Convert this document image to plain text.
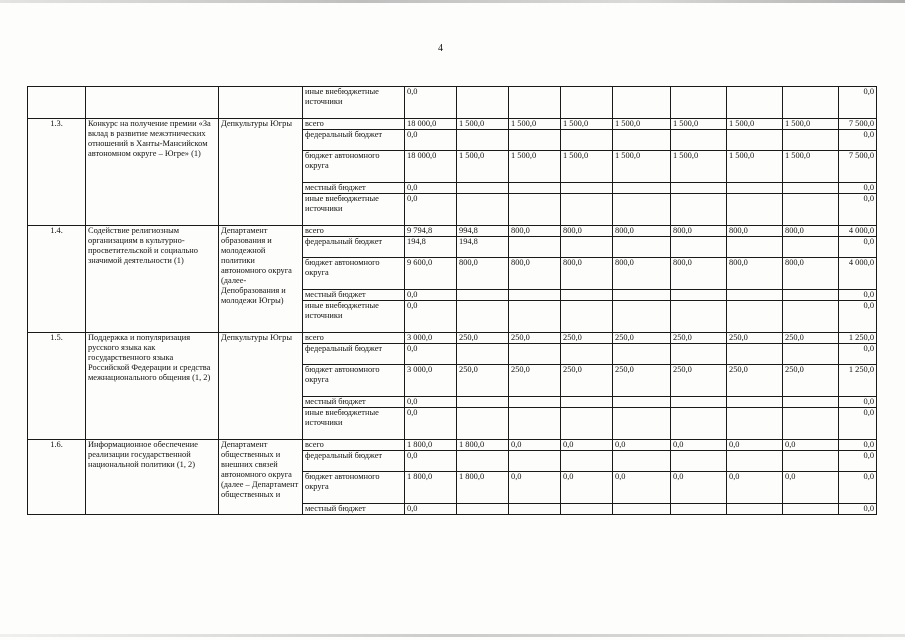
4
			иные внебюджетные источники	0,0								0,0
1.3.	Конкурс на получение премии «За вклад в развитие межэтнических отношений в Ханты-Мансийском автономном округе – Югре» (1)	Депкультуры Югры	всего	18 000,0	1 500,0	1 500,0	1 500,0	1 500,0	1 500,0	1 500,0	1 500,0	7 500,0
			федеральный бюджет	0,0								0,0
			бюджет автономного округа	18 000,0	1 500,0	1 500,0	1 500,0	1 500,0	1 500,0	1 500,0	1 500,0	7 500,0
			местный бюджет	0,0								0,0
			иные внебюджетные источники	0,0								0,0
1.4.	Содействие религиозным организациям в культурно-просветительской и социально значимой деятельности (1)	Департамент образования и молодежной политики автономного округа (далее-Депобразования и молодежи Югры)	всего	9 794,8	994,8	800,0	800,0	800,0	800,0	800,0	800,0	4 000,0
			федеральный бюджет	194,8	194,8							0,0
			бюджет автономного округа	9 600,0	800,0	800,0	800,0	800,0	800,0	800,0	800,0	4 000,0
			местный бюджет	0,0								0,0
			иные внебюджетные источники	0,0								0,0
1.5.	Поддержка и популяризация русского языка как государственного языка Российской Федерации и средства межнационального общения (1, 2)	Депкультуры Югры	всего	3 000,0	250,0	250,0	250,0	250,0	250,0	250,0	250,0	1 250,0
			федеральный бюджет	0,0								0,0
			бюджет автономного округа	3 000,0	250,0	250,0	250,0	250,0	250,0	250,0	250,0	1 250,0
			местный бюджет	0,0								0,0
			иные внебюджетные источники	0,0								0,0
1.6.	Информационное обеспечение реализации государственной национальной политики (1, 2)	Департамент общественных и внешних связей автономного округа (далее – Департамент общественных и	всего	1 800,0	1 800,0	0,0	0,0	0,0	0,0	0,0	0,0	0,0
			федеральный бюджет	0,0								0,0
			бюджет автономного округа	1 800,0	1 800,0	0,0	0,0	0,0	0,0	0,0	0,0	0,0
			местный бюджет	0,0								0,0
